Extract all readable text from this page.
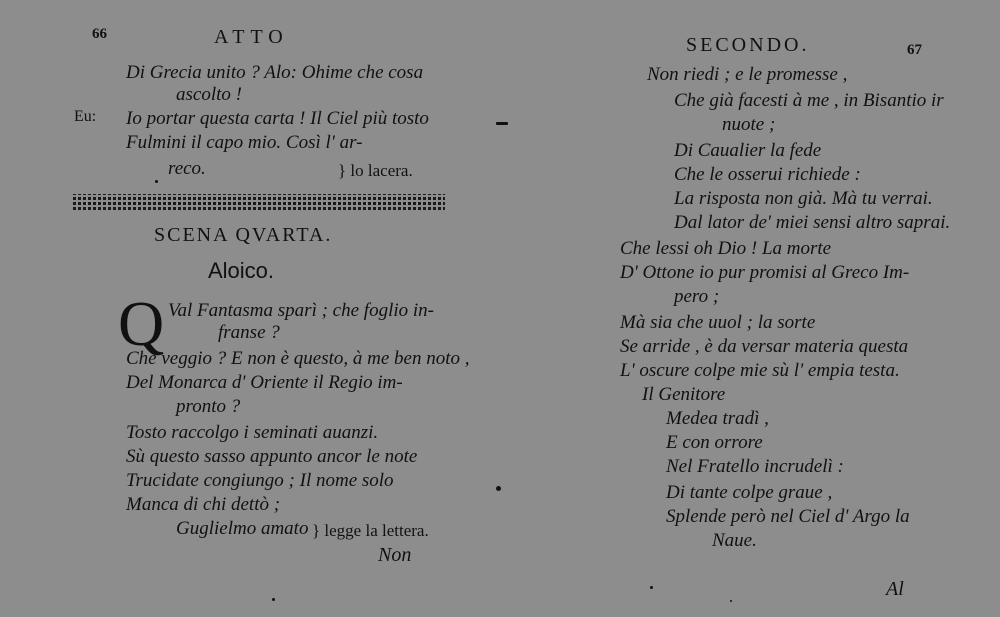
66	ATTO
Di Grecia unito ? Alo: Ohime che cosa
ascolto !
Eu: Io portar questa carta ! Il Ciel più tosto
Fulmini il capo mio. Così l' ar-
reco.	} lo lacera.
SCENA QVARTA.
Aloico.
Q Val Fantasma sparì ; che foglio in-
franse ?
Che veggio ? E non è questo, à me ben noto ,
Del Monarca d' Oriente il Regio im-
pronto ?
Tosto raccolgo i seminati auanzi.
Sù questo sasso appunto ancor le note
Trucidate congiungo ; Il nome solo
Manca di chi dettò ;
Guglielmo amato } legge la lettera.
Non
SECONDO.	67
Non riedi ; e le promesse ,
Che già facesti à me , in Bisantio ir
nuote ;
Di Caualier la fede
Che le osserui richiede :
La risposta non già. Mà tu verrai.
Dal lator de' miei sensi altro saprai.
Che lessi oh Dio ! La morte
D' Ottone io pur promisi al Greco Im-
pero ;
Mà sia che uuol ; la sorte
Se arride , è da versar materia questa
L' oscure colpe mie sù l' empia testa.
Il Genitore
Medea tradì ,
E con orrore
Nel Fratello incrudelì :
Di tante colpe graue ,
Splende però nel Ciel d' Argo la
Naue.
Al
